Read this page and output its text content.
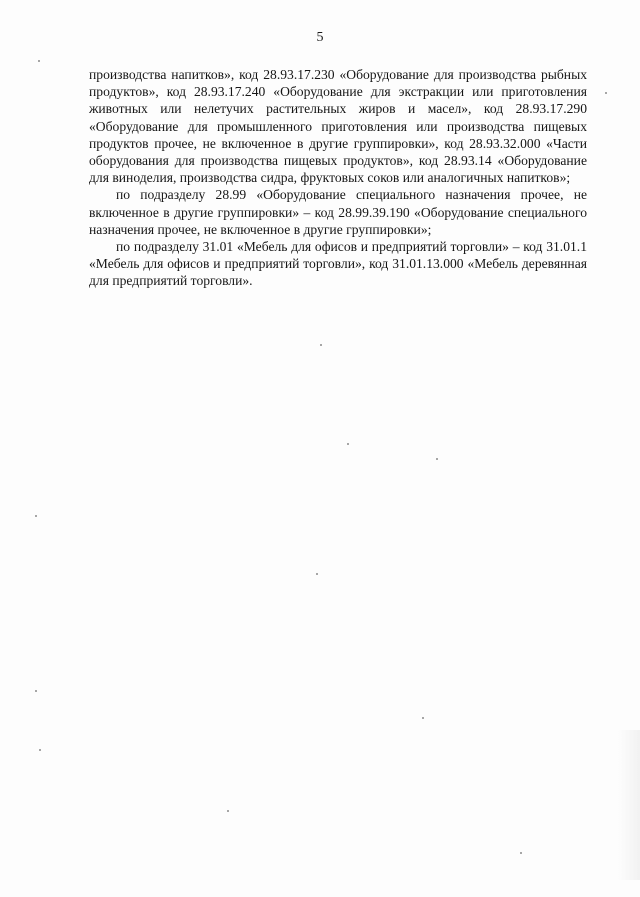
5

производства напитков», код 28.93.17.230 «Оборудование для производства рыбных продуктов», код 28.93.17.240 «Оборудование для экстракции или приготовления животных или нелетучих растительных жиров и масел», код 28.93.17.290 «Оборудование для промышленного приготовления или производства пищевых продуктов прочее, не включенное в другие группировки», код 28.93.32.000 «Части оборудования для производства пищевых продуктов», код 28.93.14 «Оборудование для виноделия, производства сидра, фруктовых соков или аналогичных напитков»;

по подразделу 28.99 «Оборудование специального назначения прочее, не включенное в другие группировки» – код 28.99.39.190 «Оборудование специального назначения прочее, не включенное в другие группировки»;

по подразделу 31.01 «Мебель для офисов и предприятий торговли» – код 31.01.1 «Мебель для офисов и предприятий торговли», код 31.01.13.000 «Мебель деревянная для предприятий торговли».
